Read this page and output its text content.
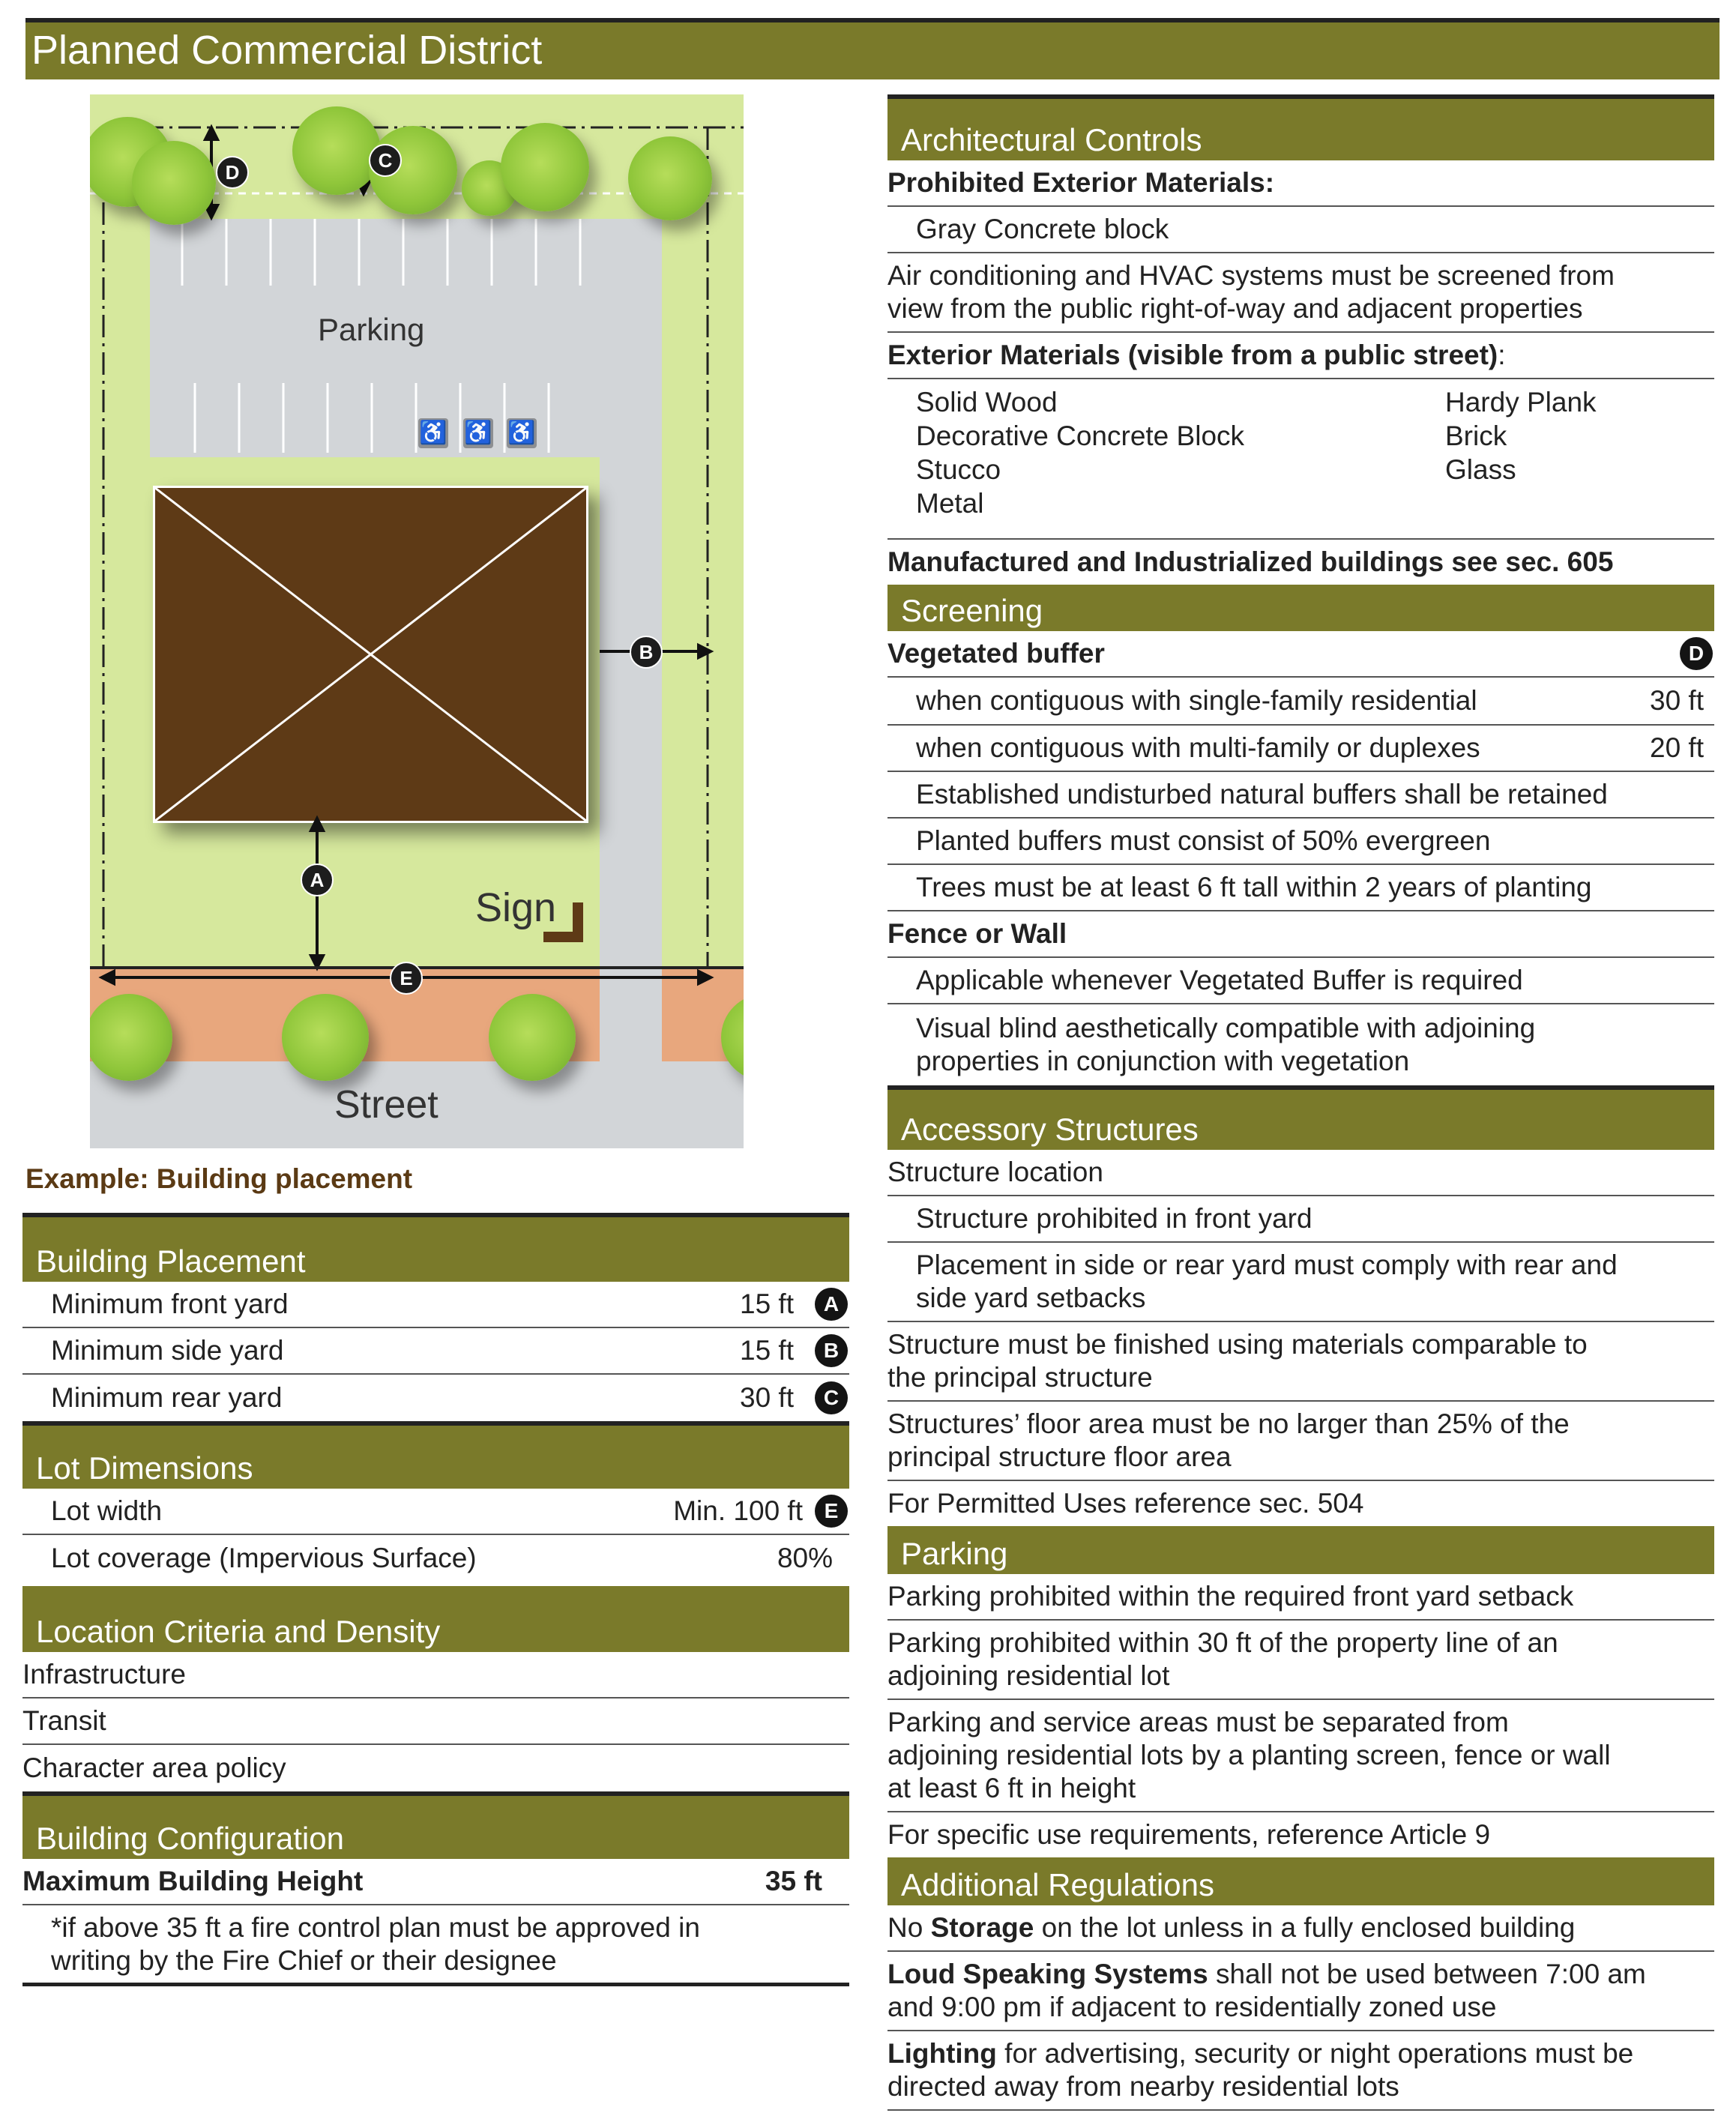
Planned Commercial District
♿ ♿ ♿
Parking
Street
Sign
A
B
C
D
E
Example: Building placement
Building Placement
Minimum front yard	15 ft	A
Minimum side yard	15 ft	B
Minimum rear yard	30 ft	C
Lot Dimensions
Lot width	Min. 100 ft	E
Lot coverage (Impervious Surface)	80%
Location Criteria and Density
Infrastructure
Transit
Character area policy
Building Configuration
Maximum Building Height	35 ft
*if above 35 ft a fire control plan must be approved in
writing by the Fire Chief or their designee
Architectural Controls
Prohibited Exterior Materials:
Gray Concrete block
Air conditioning and HVAC systems must be screened from
view from the public right-of-way and adjacent properties
Exterior Materials (visible from a public street):
Solid Wood
Decorative Concrete Block
Stucco
Metal
Hardy Plank
Brick
Glass
Manufactured and Industrialized buildings see sec. 605
Screening
Vegetated buffer	D
when contiguous with single-family residential	30 ft
when contiguous with multi-family or duplexes	20 ft
Established undisturbed natural buffers shall be retained
Planted buffers must consist of 50% evergreen
Trees must be at least 6 ft tall within 2 years of planting
Fence or Wall
Applicable whenever Vegetated Buffer is required
Visual blind aesthetically compatible with adjoining
properties in conjunction with vegetation
Accessory Structures
Structure location
Structure prohibited in front yard
Placement in side or rear yard must comply with rear and
side yard setbacks
Structure must be finished using materials comparable to
the principal structure
Structures’ floor area must be no larger than 25% of the
principal structure floor area
For Permitted Uses reference sec. 504
Parking
Parking prohibited within the required front yard setback
Parking prohibited within 30 ft of the property line of an
adjoining residential lot
Parking and service areas must be separated from
adjoining residential lots by a planting screen, fence or wall
at least 6 ft in height
For specific use requirements, reference Article 9
Additional Regulations
No Storage on the lot unless in a fully enclosed building
Loud Speaking Systems shall not be used between 7:00 am
and 9:00 pm if adjacent to residentially zoned use
Lighting for advertising, security or night operations must be
directed away from nearby residential lots
